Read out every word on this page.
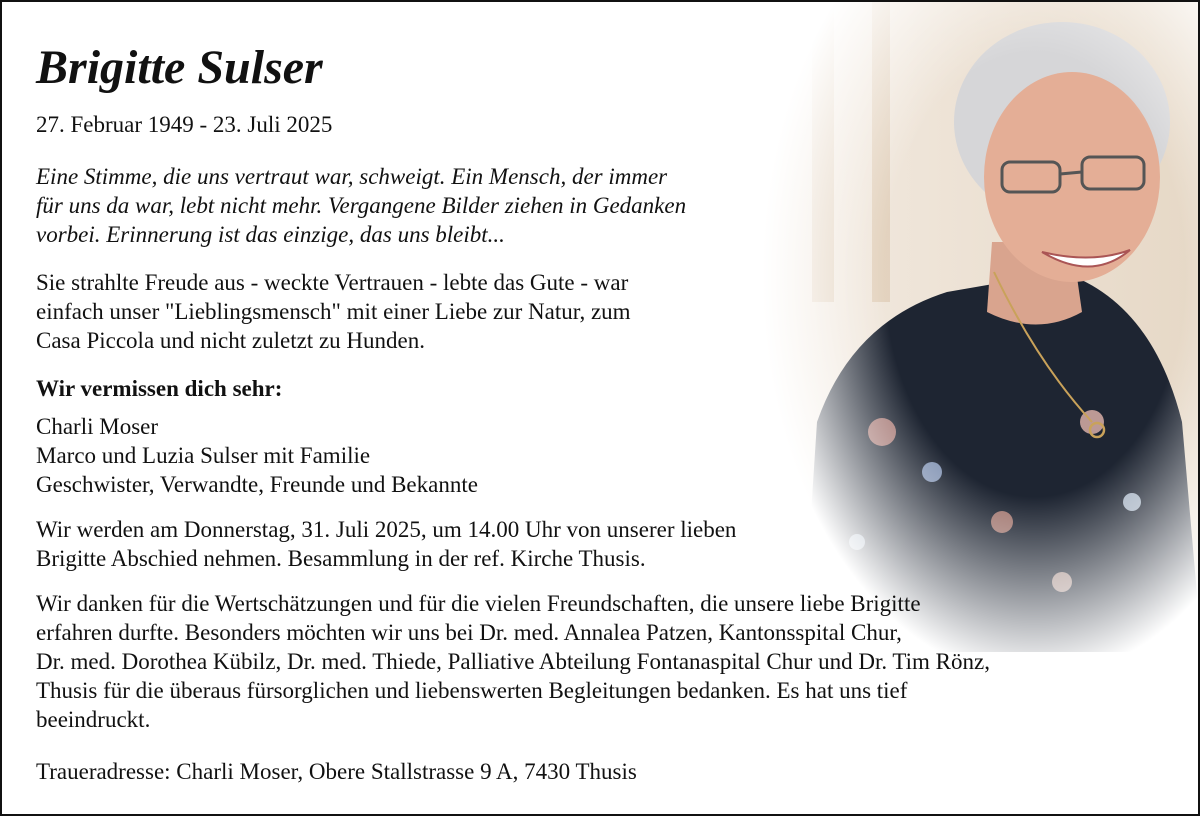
Brigitte Sulser
27. Februar 1949 - 23. Juli 2025
Eine Stimme, die uns vertraut war, schweigt. Ein Mensch, der immer
für uns da war, lebt nicht mehr. Vergangene Bilder ziehen in Gedanken
vorbei. Erinnerung ist das einzige, das uns bleibt...
Sie strahlte Freude aus - weckte Vertrauen - lebte das Gute - war
einfach unser "Lieblingsmensch" mit einer Liebe zur Natur, zum
Casa Piccola und nicht zuletzt zu Hunden.
Wir vermissen dich sehr:
Charli Moser
Marco und Luzia Sulser mit Familie
Geschwister, Verwandte, Freunde und Bekannte
Wir werden am Donnerstag, 31. Juli 2025, um 14.00 Uhr von unserer lieben
Brigitte Abschied nehmen. Besammlung in der ref. Kirche Thusis.
Wir danken für die Wertschätzungen und für die vielen Freundschaften, die unsere liebe Brigitte
erfahren durfte. Besonders möchten wir uns bei Dr. med. Annalea Patzen, Kantonsspital Chur,
Dr. med. Dorothea Kübilz, Dr. med. Thiede, Palliative Abteilung Fontanaspital Chur und Dr. Tim Rönz,
Thusis für die überaus fürsorglichen und liebenswerten Begleitungen bedanken. Es hat uns tief
beeindruckt.
Traueradresse: Charli Moser, Obere Stallstrasse 9 A, 7430 Thusis
